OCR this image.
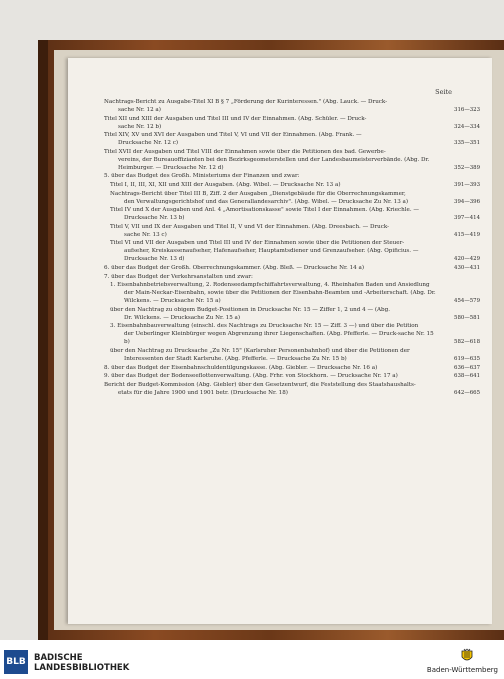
Seite
Nachtrags-Bericht zu Ausgabe-Titel XI B § 7 „Förderung der Kurinteressen." (Abg. Lauck. — Druck-
sache Nr. 12 a)	316—323
Titel XII und XIII der Ausgaben und Titel III und IV der Einnahmen. (Abg. Schüler. — Druck-
sache Nr. 12 b)	324—334
Titel XIV, XV und XVI der Ausgaben und Titel V, VI und VII der Einnahmen. (Abg. Frank. —
Drucksache Nr. 12 c)	335—351
Titel XVII der Ausgaben und Titel VIII der Einnahmen sowie über die Petitionen des bad. Gewerbe-
vereins, der Bureauoffizianten bei den Bezirksgeometerstellen und der Landesbaumeisterverbände. (Abg. Dr. Heimburger. — Drucksache Nr. 12 d)	352—389
5. über das Budget des Großh. Ministeriums der Finanzen und zwar:
Titel I, II, III, XI, XII und XIII der Ausgaben. (Abg. Wibel. — Drucksache Nr. 13 a)	391—393
Nachtrags-Bericht über Titel III B, Ziff. 2 der Ausgaben „Dienstgebäude für die Oberrechnungskammer,
den Verwaltungsgerichtshof und das Generallandesarchiv". (Abg. Wibel. — Drucksache Zu Nr. 13 a)	394—396
Titel IV und X der Ausgaben und Anl. 4 „Amortisationskasse" sowie Titel I der Einnahmen. (Abg. Kriechle. —
Drucksache Nr. 13 b)	397—414
Titel V, VII und IX der Ausgaben und Titel II, V und VI der Einnahmen. (Abg. Dreesbach. — Druck-
sache Nr. 13 c)	415—419
Titel VI und VII der Ausgaben und Titel III und IV der Einnahmen sowie über die Petitionen der Steuer-
aufseher, Kreiskassenaufseher, Hafenaufseher, Hauptamtsdiener und Grenzaufseher. (Abg. Opificius. — Drucksache Nr. 13 d)	420—429
6. über das Budget der Großh. Oberrechnungskammer. (Abg. Bleß. — Drucksache Nr. 14 a)	430—431
7. über das Budget der Verkehrsanstalten und zwar:
1. Eisenbahnbetriebsverwaltung, 2. Rodenseedampfschiffahrtsverwaltung, 4. Rheinhafen Baden und Ansiedlung
der Main-Neckar-Eisenbahn, sowie über die Petitionen der Eisenbahn-Beamten und -Arbeiterschaft. (Abg. Dr. Wilckens. — Drucksache Nr. 15 a)	454—579
über den Nachtrag zu obigem Budget-Positionen in Drucksache Nr. 15 — Ziffer 1, 2 und 4 — (Abg.
Dr. Wilckens. — Drucksache Zu Nr. 15 a)	580—581
3. Eisenbahnbauverwaltung (einschl. des Nachtrags zu Drucksache Nr. 15 — Ziff. 3 —) und über die Petition
der Ueberlinger Kleinbürger wegen Abgrenzung ihrer Liegenschaften. (Abg. Pfefferle. — Druck-sache Nr. 15 b)	582—618
über den Nachtrag zu Drucksache „Zu Nr. 15" (Karlsruher Personenbahnhof) und über die Petitionen der
Interessenten der Stadt Karlsruhe. (Abg. Pfefferle. — Drucksache Zu Nr. 15 b)	619—635
8. über das Budget der Eisenbahnschuldentilgungskasse. (Abg. Giebler. — Drucksache Nr. 16 a)	636—637
9. über das Budget der Bodenseeflottenverwaltung. (Abg. Frhr. von Stockhorn. — Drucksache Nr. 17 a)	638—641
Bericht der Budget-Kommission (Abg. Giebler) über den Gesetzentwurf, die Feststellung des Staatshaushalts-
etats für die Jahre 1900 und 1901 betr. (Drucksache Nr. 18)	642—665
BLB BADISCHE
LANDESBIBLIOTHEK	Baden-Württemberg
